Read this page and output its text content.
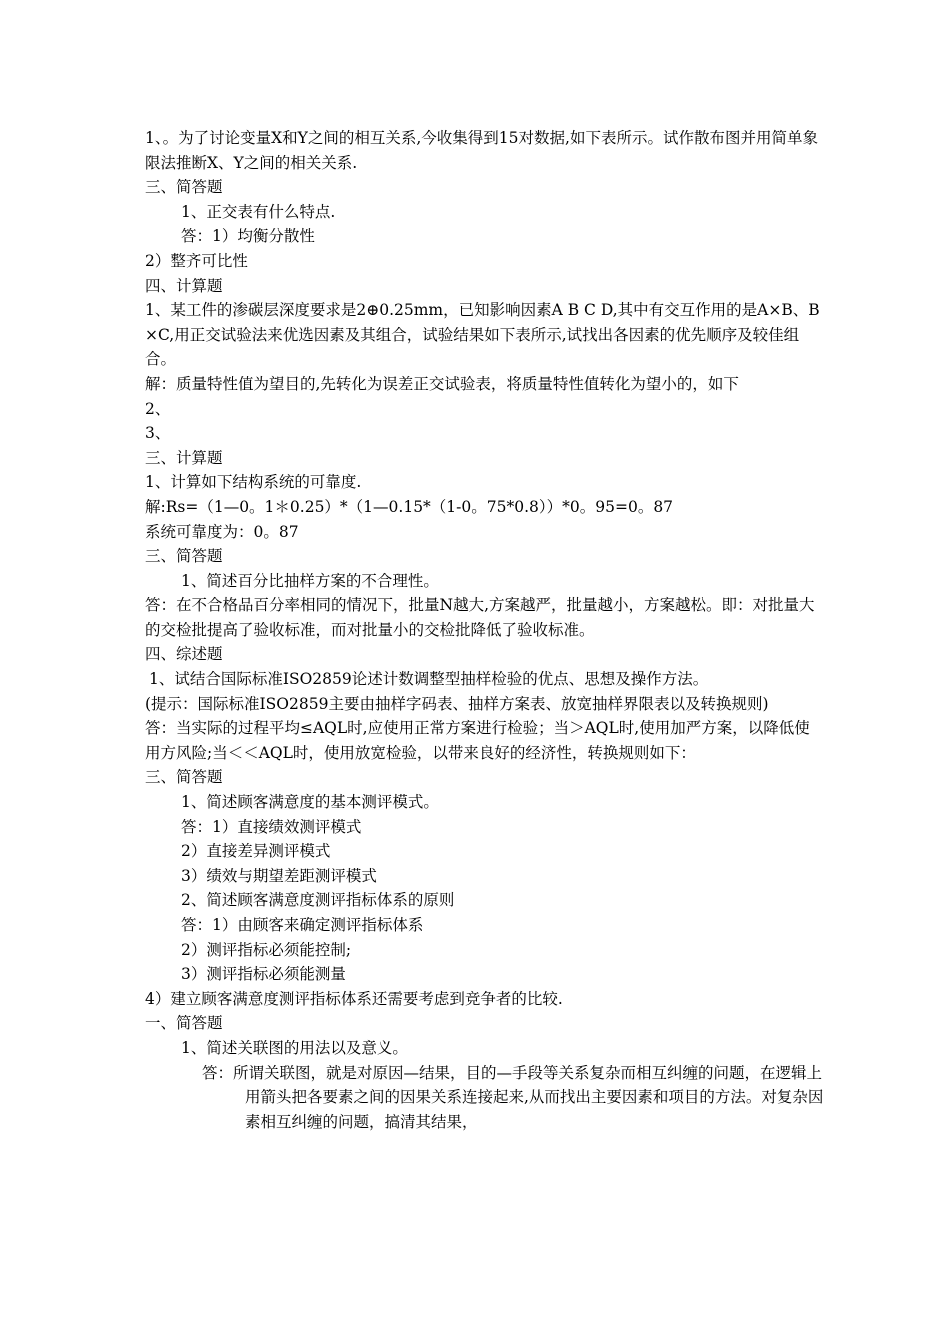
1、。为了讨论变量X和Y之间的相互关系,今收集得到15对数据,如下表所示。试作散布图并用简单象限法推断X、Y之间的相关关系.

三、简答题

1、正交表有什么特点.

答：1）均衡分散性

2）整齐可比性

四、计算题

1、某工件的渗碳层深度要求是2⊕0.25mm，已知影响因素A B C D,其中有交互作用的是A×B、B×C,用正交试验法来优选因素及其组合，试验结果如下表所示,试找出各因素的优先顺序及较佳组合。

解：质量特性值为望目的,先转化为误差正交试验表，将质量特性值转化为望小的，如下

2、

3、

三、计算题

1、计算如下结构系统的可靠度.

解:Rs=（1—0。1＊0.25）*（1—0.15*（1-0。75*0.8））*0。95=0。87

系统可靠度为：0。87

三、简答题

1、简述百分比抽样方案的不合理性。

答：在不合格品百分率相同的情况下，批量N越大,方案越严，批量越小，方案越松。即：对批量大的交检批提高了验收标准，而对批量小的交检批降低了验收标准。

四、综述题

1、试结合国际标准ISO2859论述计数调整型抽样检验的优点、思想及操作方法。

(提示：国际标准ISO2859主要由抽样字码表、抽样方案表、放宽抽样界限表以及转换规则)

答：当实际的过程平均≤AQL时,应使用正常方案进行检验；当＞AQL时,使用加严方案，以降低使用方风险;当＜＜AQL时，使用放宽检验，以带来良好的经济性，转换规则如下：

三、简答题

1、简述顾客满意度的基本测评模式。

答：1）直接绩效测评模式

2）直接差异测评模式

3）绩效与期望差距测评模式

2、简述顾客满意度测评指标体系的原则

答：1）由顾客来确定测评指标体系

2）测评指标必须能控制;

3）测评指标必须能测量

4）建立顾客满意度测评指标体系还需要考虑到竞争者的比较.

一、简答题

1、简述关联图的用法以及意义。

答：所谓关联图，就是对原因—结果，目的—手段等关系复杂而相互纠缠的问题，在逻辑上用箭头把各要素之间的因果关系连接起来,从而找出主要因素和项目的方法。对复杂因素相互纠缠的问题，搞清其结果，
